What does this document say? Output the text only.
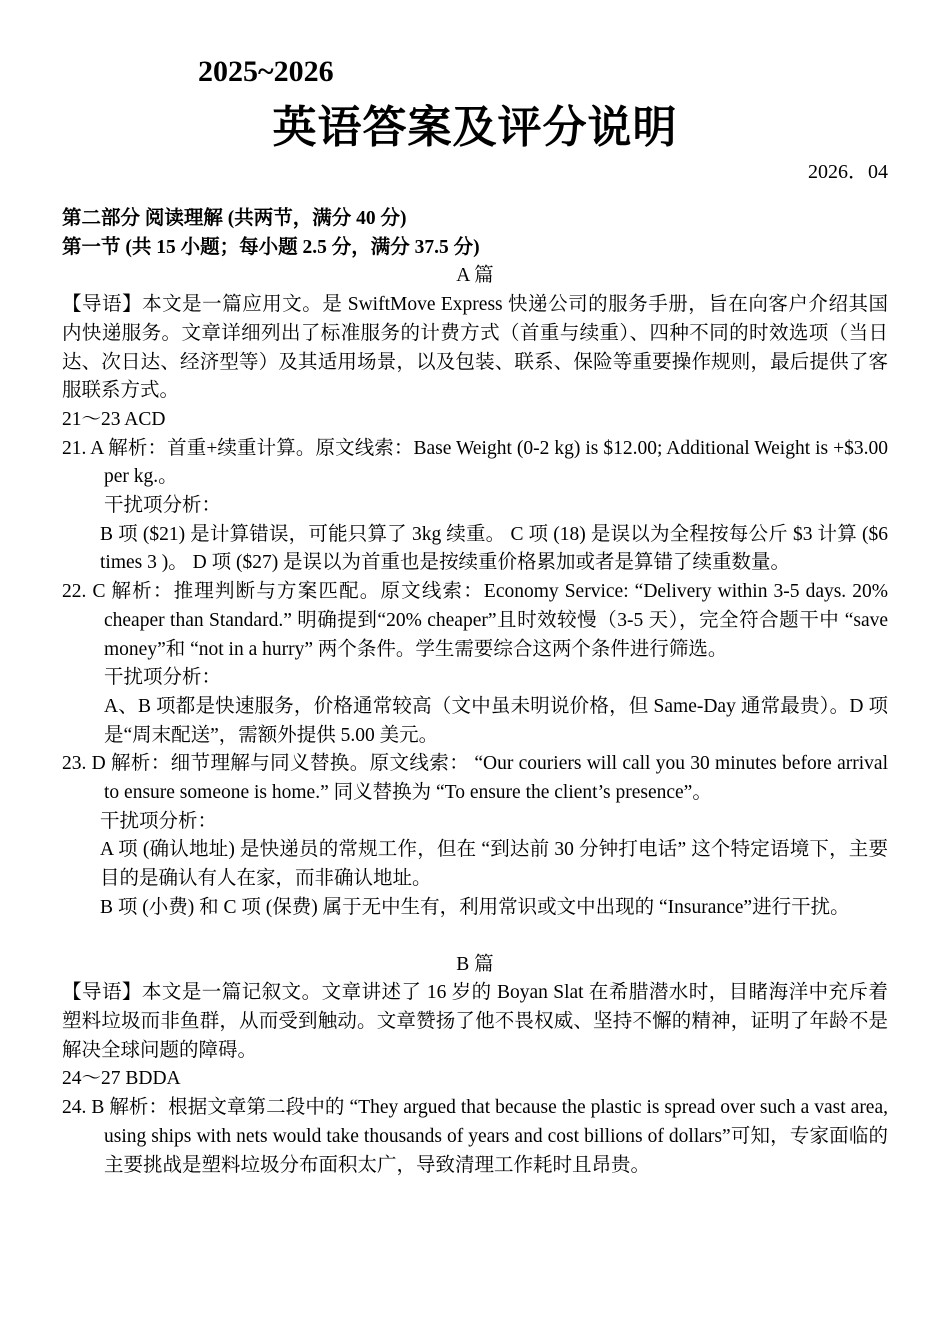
2025~2026
英语答案及评分说明
2026．04

第二部分 阅读理解 (共两节，满分 40 分)

第一节 (共 15 小题；每小题 2.5 分，满分 37.5 分)

A 篇

【导语】本文是一篇应用文。是 SwiftMove Express 快递公司的服务手册，旨在向客户介绍其国内快递服务。文章详细列出了标准服务的计费方式（首重与续重）、四种不同的时效选项（当日达、次日达、经济型等）及其适用场景，以及包装、联系、保险等重要操作规则，最后提供了客服联系方式。

21～23 ACD

21. A 解析：首重+续重计算。原文线索：Base Weight (0-2 kg) is $12.00; Additional Weight is +$3.00 per kg.。

干扰项分析：

B 项 ($21) 是计算错误，可能只算了 3kg 续重。 C 项 (18) 是误以为全程按每公斤 $3 计算 ($6 times 3 )。 D 项 ($27) 是误以为首重也是按续重价格累加或者是算错了续重数量。

22. C 解析：推理判断与方案匹配。原文线索：Economy Service: “Delivery within 3-5 days. 20% cheaper than Standard.” 明确提到“20% cheaper”且时效较慢（3-5 天），完全符合题干中 “save money”和 “not in a hurry” 两个条件。学生需要综合这两个条件进行筛选。

干扰项分析：

A、B 项都是快速服务，价格通常较高（文中虽未明说价格，但 Same-Day 通常最贵）。D 项是“周末配送”，需额外提供 5.00 美元。

23. D 解析：细节理解与同义替换。原文线索： “Our couriers will call you 30 minutes before arrival to ensure someone is home.” 同义替换为 “To ensure the client’s presence”。

干扰项分析：

A 项 (确认地址) 是快递员的常规工作，但在 “到达前 30 分钟打电话” 这个特定语境下，主要目的是确认有人在家，而非确认地址。

B 项 (小费) 和 C 项 (保费) 属于无中生有，利用常识或文中出现的 “Insurance”进行干扰。

B 篇

【导语】本文是一篇记叙文。文章讲述了 16 岁的 Boyan Slat 在希腊潜水时，目睹海洋中充斥着塑料垃圾而非鱼群，从而受到触动。文章赞扬了他不畏权威、坚持不懈的精神，证明了年龄不是解决全球问题的障碍。

24～27 BDDA

24. B 解析：根据文章第二段中的 “They argued that because the plastic is spread over such a vast area, using ships with nets would take thousands of years and cost billions of dollars”可知，专家面临的主要挑战是塑料垃圾分布面积太广，导致清理工作耗时且昂贵。
